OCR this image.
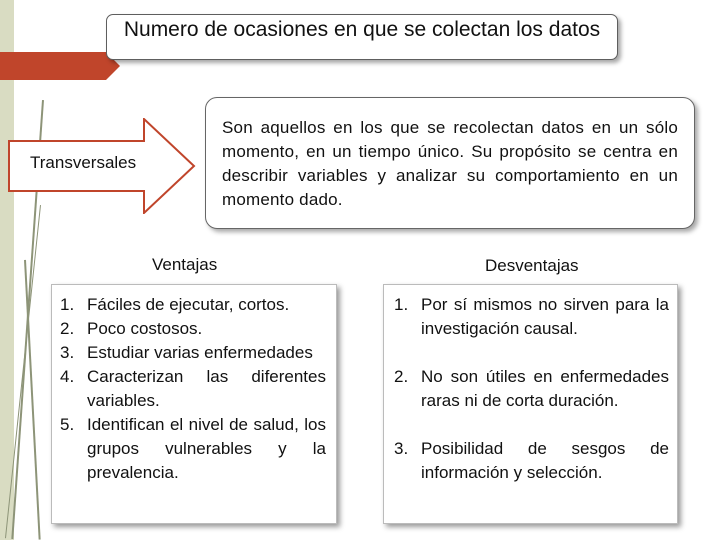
Numero de ocasiones en que se colectan los datos
Transversales
Son aquellos en los que se recolectan datos en un sólo momento, en un tiempo único. Su propósito se centra en describir variables y analizar su comportamiento en un momento dado.
Ventajas	Desventajas
1. Fáciles de ejecutar, cortos.
2. Poco costosos.
3. Estudiar varias enfermedades
4. Caracterizan las diferentes variables.
5. Identifican el nivel de salud, los grupos vulnerables y la prevalencia.
1. Por sí mismos no sirven para la investigación causal.
2. No son útiles en enfermedades raras ni de corta duración.
3. Posibilidad de sesgos de información y selección.
